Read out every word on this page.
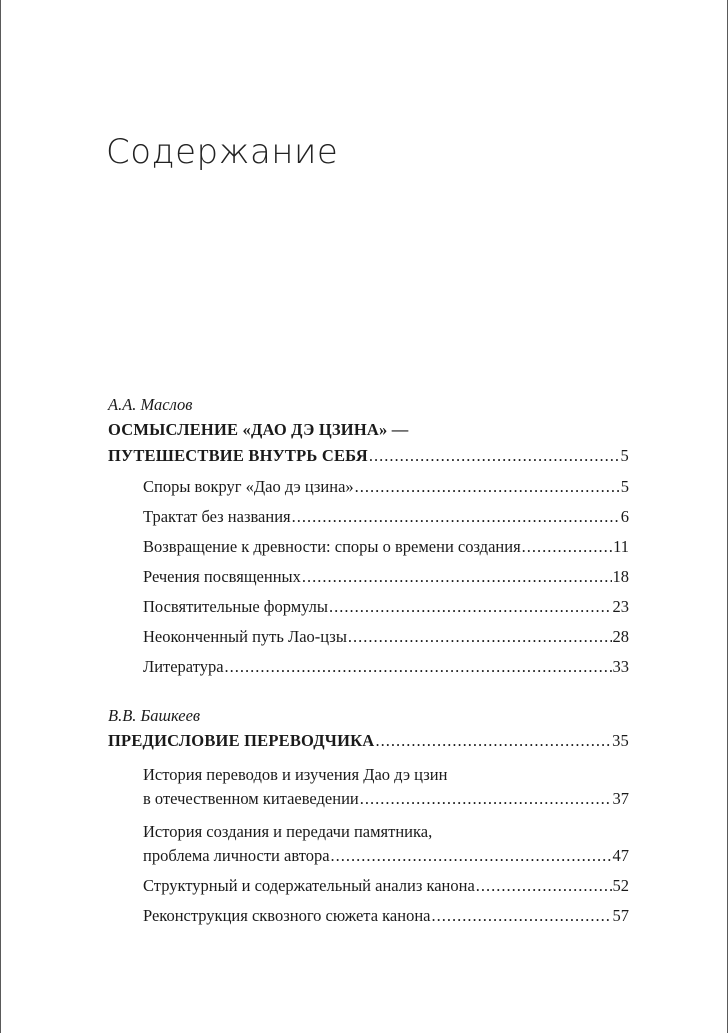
Содержание
А.А. Маслов
ОСМЫСЛЕНИЕ «ДАО ДЭ ЦЗИНА» —
ПУТЕШЕСТВИЕ ВНУТРЬ СЕБЯ .....	5
Споры вокруг «Дао дэ цзина» .....	5
Трактат без названия .....	6
Возвращение к древности: споры о времени создания .....	11
Речения посвященных .....	18
Посвятительные формулы .....	23
Неоконченный путь Лао-цзы .....	28
Литература .....	33
В.В. Башкеев
ПРЕДИСЛОВИЕ ПЕРЕВОДЧИКА .....	35
История переводов и изучения Дао дэ цзин
в отечественном китаеведении .....	37
История создания и передачи памятника,
проблема личности автора .....	47
Структурный и содержательный анализ канона .....	52
Реконструкция сквозного сюжета канона .....	57
